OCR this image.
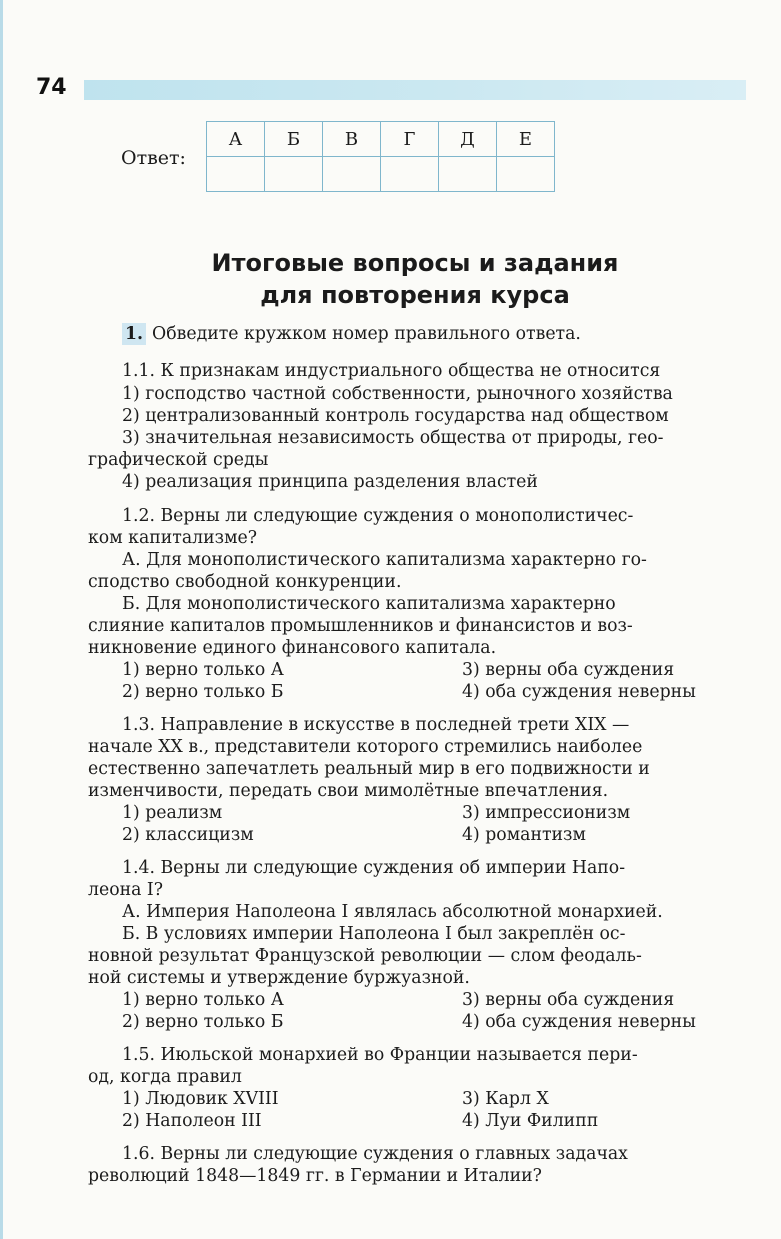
74
Ответ:
А	Б	В	Г	Д	Е

Итоговые вопросы и задания
для повторения курса
1. Обведите кружком номер правильного ответа.
1.1. К признакам индустриального общества не относится
1) господство частной собственности, рыночного хозяйства
2) централизованный контроль государства над обществом
3) значительная независимость общества от природы, гео-
графической среды
4) реализация принципа разделения властей
1.2. Верны ли следующие суждения о монополистичес-
ком капитализме?
А. Для монополистического капитализма характерно го-
сподство свободной конкуренции.
Б. Для монополистического капитализма характерно
слияние капиталов промышленников и финансистов и воз-
никновение единого финансового капитала.
1) верно только А	3) верны оба суждения
2) верно только Б	4) оба суждения неверны
1.3. Направление в искусстве в последней трети XIX —
начале XX в., представители которого стремились наиболее
естественно запечатлеть реальный мир в его подвижности и
изменчивости, передать свои мимолётные впечатления.
1) реализм	3) импрессионизм
2) классицизм	4) романтизм
1.4. Верны ли следующие суждения об империи Напо-
леона I?
А. Империя Наполеона I являлась абсолютной монархией.
Б. В условиях империи Наполеона I был закреплён ос-
новной результат Французской революции — слом феодаль-
ной системы и утверждение буржуазной.
1) верно только А	3) верны оба суждения
2) верно только Б	4) оба суждения неверны
1.5. Июльской монархией во Франции называется пери-
од, когда правил
1) Людовик XVIII	3) Карл X
2) Наполеон III	4) Луи Филипп
1.6. Верны ли следующие суждения о главных задачах
революций 1848—1849 гг. в Германии и Италии?
